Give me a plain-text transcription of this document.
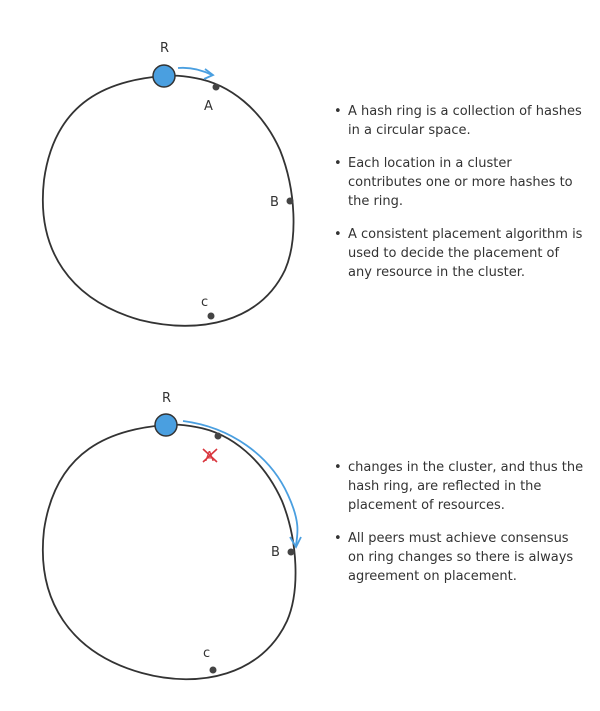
R
A
B
c
• A hash ring is a collection of hashes in a circular space.
• Each location in a cluster contributes one or more hashes to the ring.
• A consistent placement algorithm is used to decide the placement of any resource in the cluster.
R
A
B
c
• changes in the cluster, and thus the hash ring, are reflected in the placement of resources.
• All peers must achieve consensus on ring changes so there is always agreement on placement.
